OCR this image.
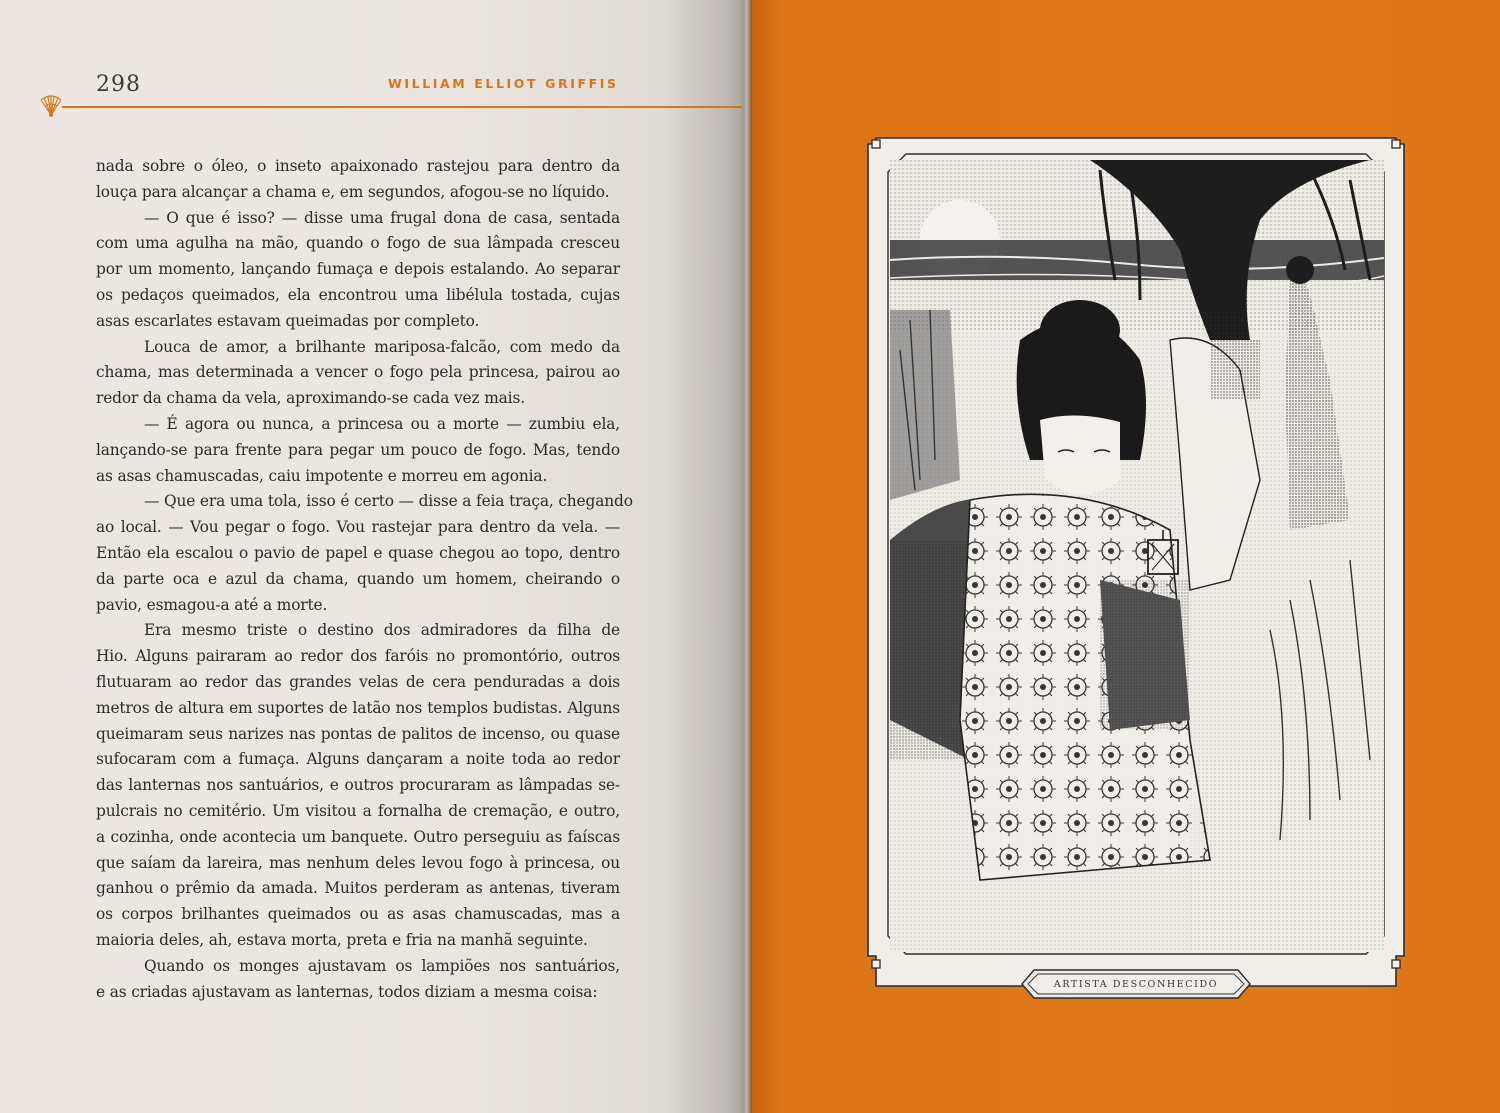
298	WILLIAM ELLIOT GRIFFIS
nada sobre o óleo, o inseto apaixonado rastejou para dentro da
louça para alcançar a chama e, em segundos, afogou-se no líquido.
— O que é isso? — disse uma frugal dona de casa, sentada
com uma agulha na mão, quando o fogo de sua lâmpada cresceu
por um momento, lançando fumaça e depois estalando. Ao separar
os pedaços queimados, ela encontrou uma libélula tostada, cujas
asas escarlates estavam queimadas por completo.
Louca de amor, a brilhante mariposa-falcão, com medo da
chama, mas determinada a vencer o fogo pela princesa, pairou ao
redor da chama da vela, aproximando-se cada vez mais.
— É agora ou nunca, a princesa ou a morte — zumbiu ela,
lançando-se para frente para pegar um pouco de fogo. Mas, tendo
as asas chamuscadas, caiu impotente e morreu em agonia.
— Que era uma tola, isso é certo — disse a feia traça, chegando
ao local. — Vou pegar o fogo. Vou rastejar para dentro da vela. —
Então ela escalou o pavio de papel e quase chegou ao topo, dentro
da parte oca e azul da chama, quando um homem, cheirando o
pavio, esmagou-a até a morte.
Era mesmo triste o destino dos admiradores da filha de
Hio. Alguns pairaram ao redor dos faróis no promontório, outros
flutuaram ao redor das grandes velas de cera penduradas a dois
metros de altura em suportes de latão nos templos budistas. Alguns
queimaram seus narizes nas pontas de palitos de incenso, ou quase
sufocaram com a fumaça. Alguns dançaram a noite toda ao redor
das lanternas nos santuários, e outros procuraram as lâmpadas se-
pulcrais no cemitério. Um visitou a fornalha de cremação, e outro,
a cozinha, onde acontecia um banquete. Outro perseguiu as faíscas
que saíam da lareira, mas nenhum deles levou fogo à princesa, ou
ganhou o prêmio da amada. Muitos perderam as antenas, tiveram
os corpos brilhantes queimados ou as asas chamuscadas, mas a
maioria deles, ah, estava morta, preta e fria na manhã seguinte.
Quando os monges ajustavam os lampiões nos santuários,
e as criadas ajustavam as lanternas, todos diziam a mesma coisa:	ARTISTA DESCONHECIDO
